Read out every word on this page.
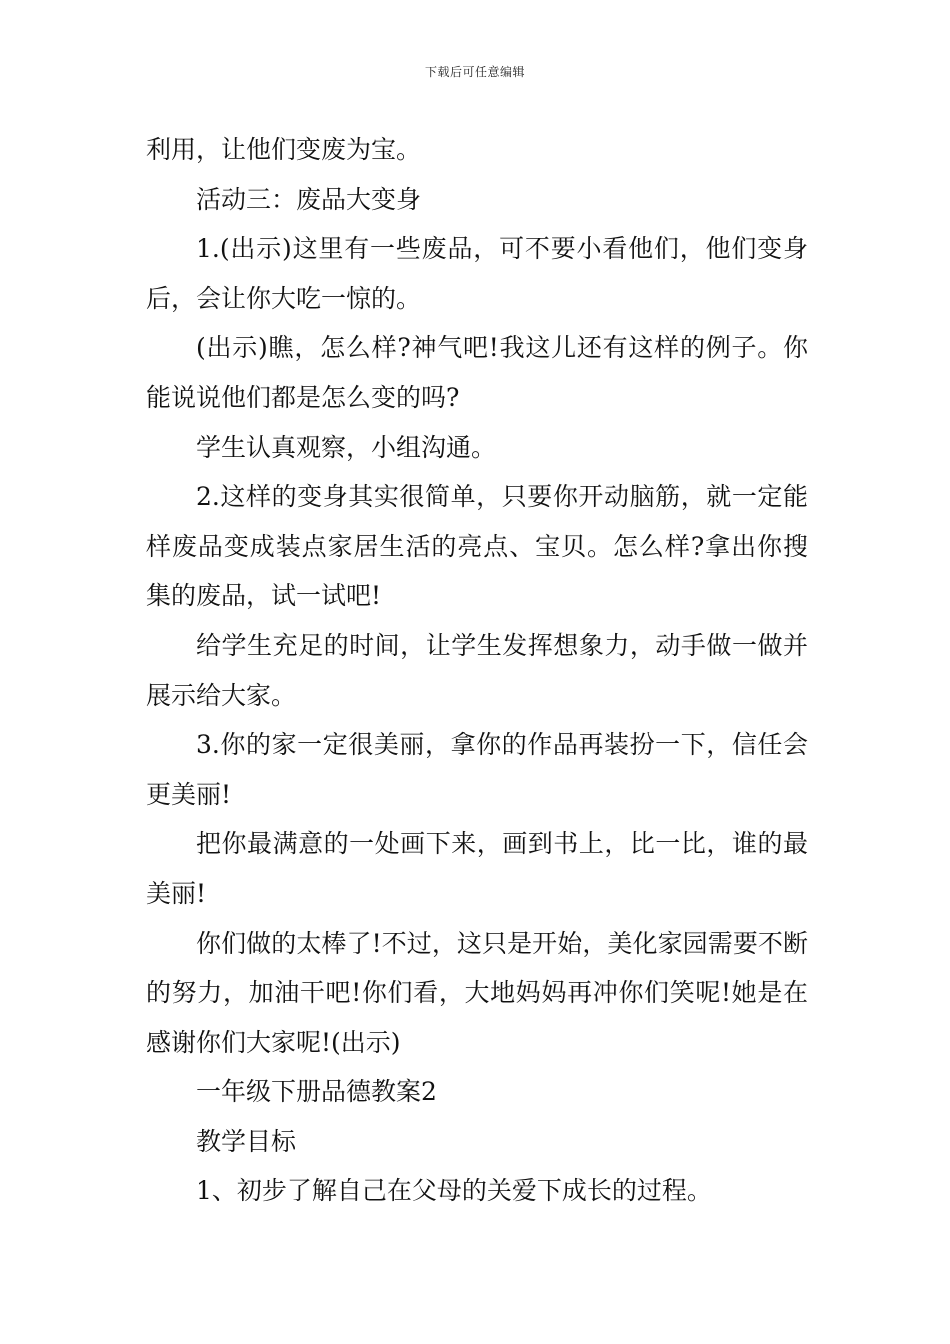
下载后可任意编辑

利用，让他们变废为宝。

活动三：废品大变身

1.(出示)这里有一些废品，可不要小看他们，他们变身后，会让你大吃一惊的。

(出示)瞧，怎么样?神气吧!我这儿还有这样的例子。你能说说他们都是怎么变的吗?

学生认真观察，小组沟通。

2.这样的变身其实很简单，只要你开动脑筋，就一定能样废品变成装点家居生活的亮点、宝贝。怎么样?拿出你搜集的废品，试一试吧!

给学生充足的时间，让学生发挥想象力，动手做一做并展示给大家。

3.你的家一定很美丽，拿你的作品再装扮一下，信任会更美丽!

把你最满意的一处画下来，画到书上，比一比，谁的最美丽!

你们做的太棒了!不过，这只是开始，美化家园需要不断的努力，加油干吧!你们看，大地妈妈再冲你们笑呢!她是在感谢你们大家呢!(出示)

一年级下册品德教案2

教学目标

1、初步了解自己在父母的关爱下成长的过程。
